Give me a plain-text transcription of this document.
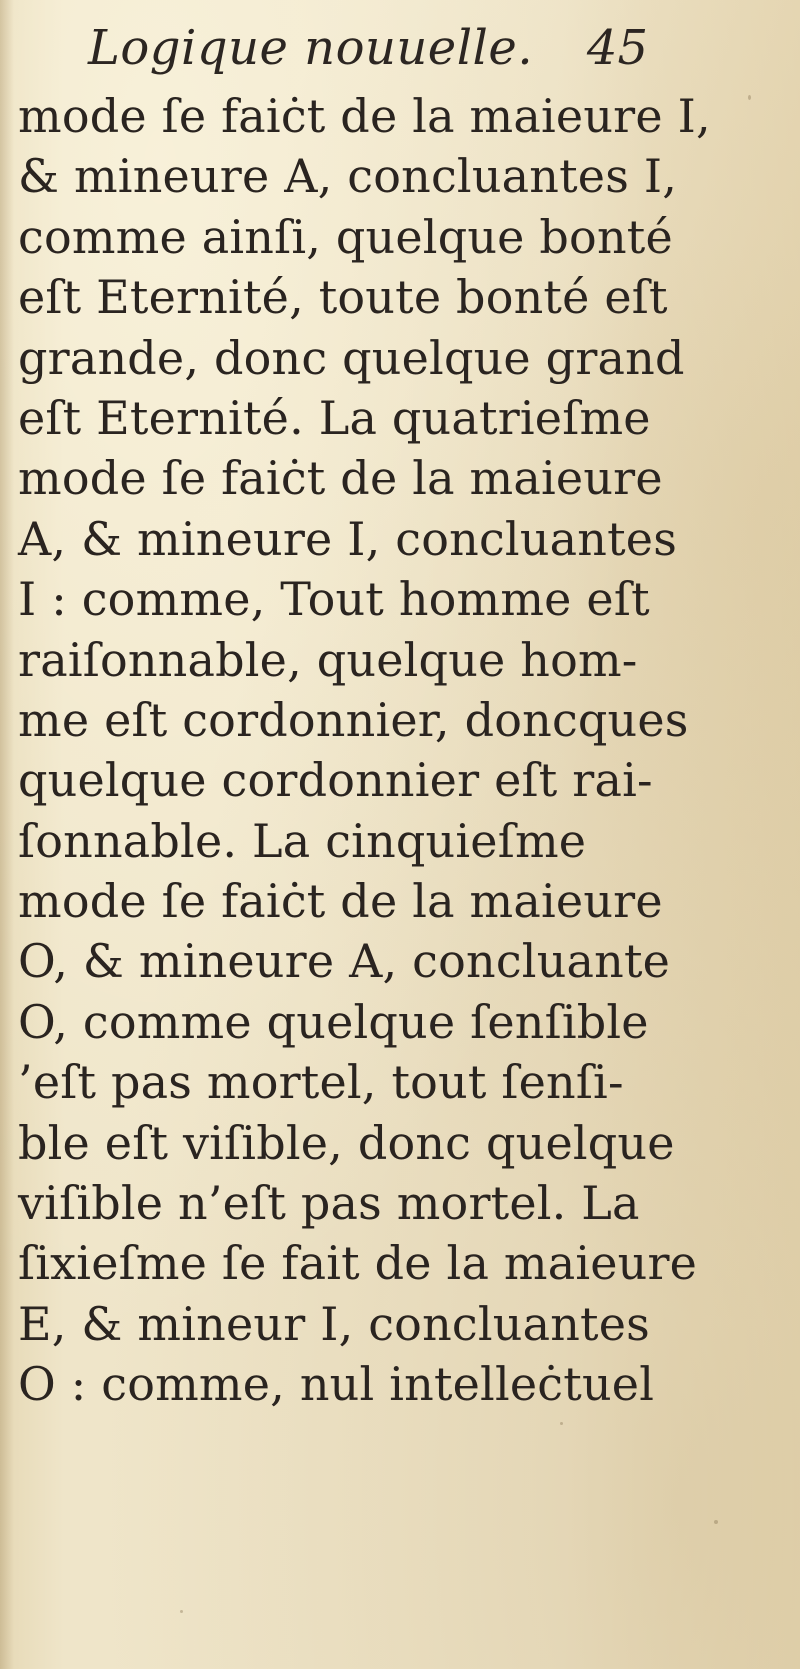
Logique nouuelle. 45
mode ſe faiċt de la maieure I,
& mineure A, concluantes I,
comme ainſi, quelque bonté
eſt Eternité, toute bonté eſt
grande, donc quelque grand
eſt Eternité. La quatrieſme
mode ſe faiċt de la maieure
A, & mineure I, concluantes
I : comme, Tout homme eſt
raiſonnable, quelque hom-
me eſt cordonnier, doncques
quelque cordonnier eſt rai-
ſonnable. La cinquieſme
mode ſe faiċt de la maieure
O, & mineure A, concluante
O, comme quelque ſenſible
’eſt pas mortel, tout ſenſi-
ble eſt viſible, donc quelque
viſible n’eſt pas mortel. La
ſixieſme ſe fait de la maieure
E, & mineur I, concluantes
O : comme, nul intelleċtuel
